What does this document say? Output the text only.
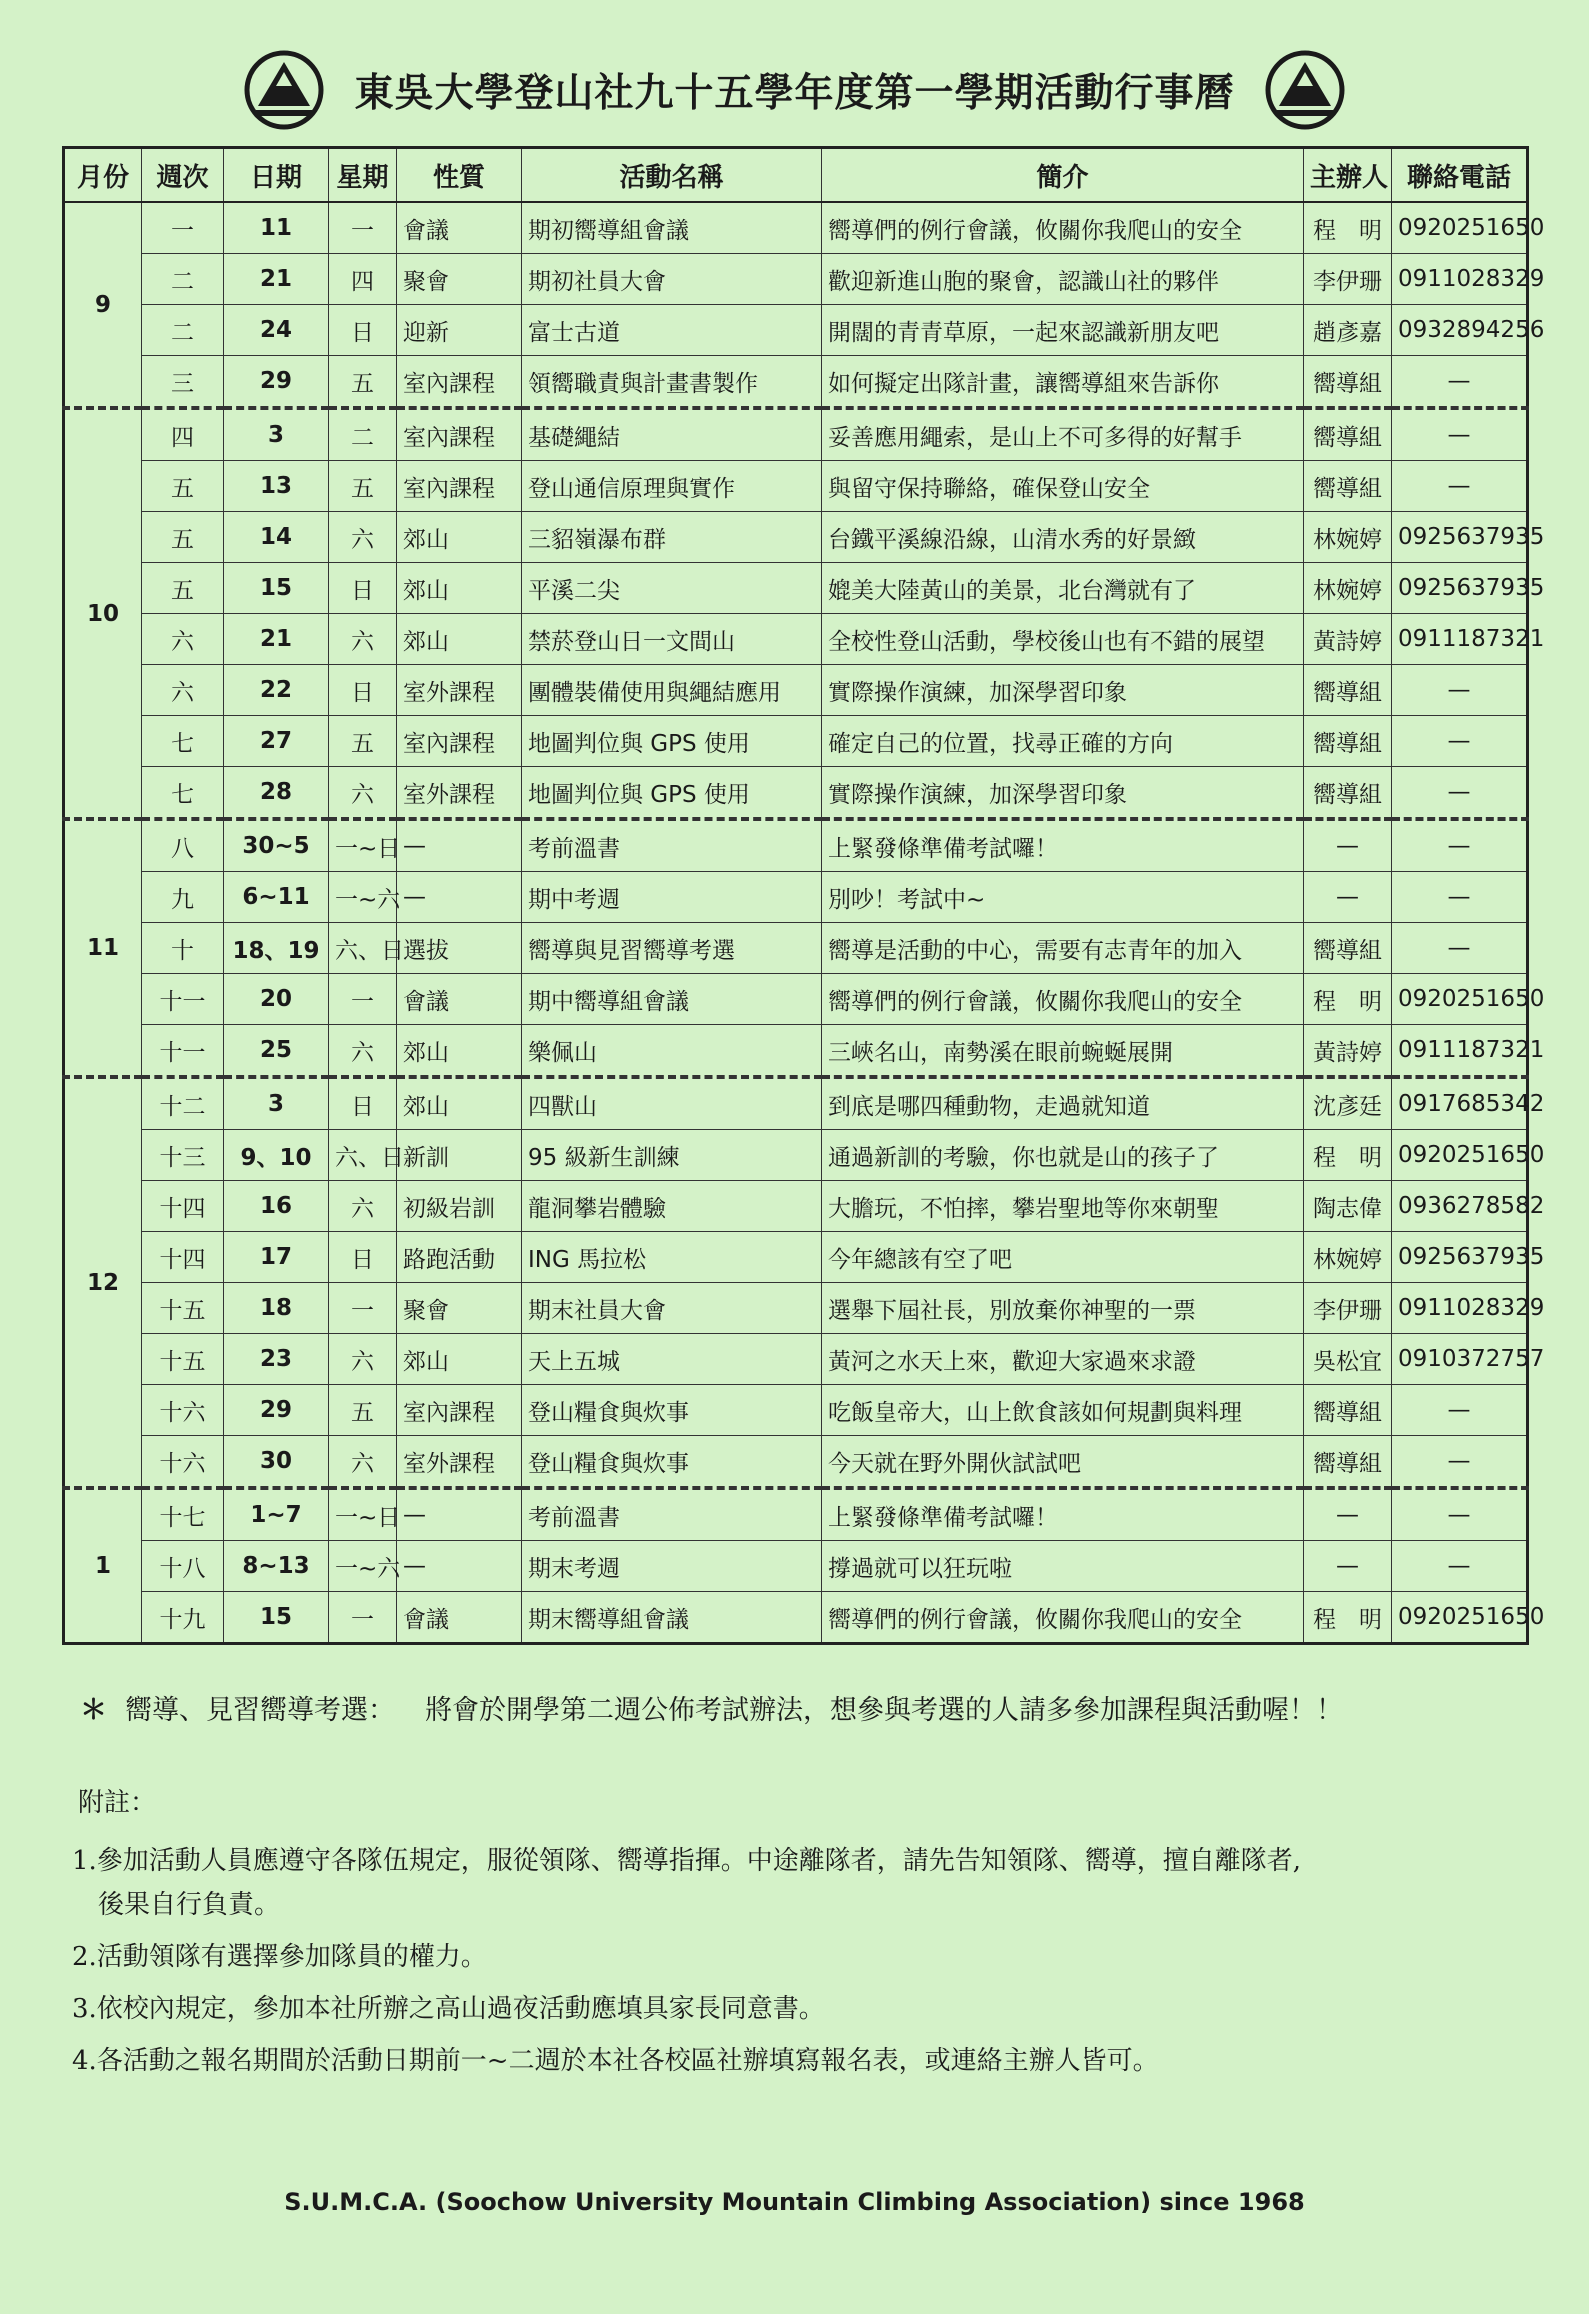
東吳大學登山社九十五學年度第一學期活動行事曆
月份	週次	日期	星期	性質	活動名稱	簡介	主辦人	聯絡電話
9	一	11	一	會議	期初嚮導組會議	嚮導們的例行會議，攸關你我爬山的安全	程　明	0920251650
	二	21	四	聚會	期初社員大會	歡迎新進山胞的聚會，認識山社的夥伴	李伊珊	0911028329
	二	24	日	迎新	富士古道	開闊的青青草原，一起來認識新朋友吧	趙彥嘉	0932894256
	三	29	五	室內課程	領嚮職責與計畫書製作	如何擬定出隊計畫，讓嚮導組來告訴你	嚮導組	—
10	四	3	二	室內課程	基礎繩結	妥善應用繩索，是山上不可多得的好幫手	嚮導組	—
	五	13	五	室內課程	登山通信原理與實作	與留守保持聯絡，確保登山安全	嚮導組	—
	五	14	六	郊山	三貂嶺瀑布群	台鐵平溪線沿線，山清水秀的好景緻	林婉婷	0925637935
	五	15	日	郊山	平溪二尖	媲美大陸黃山的美景，北台灣就有了	林婉婷	0925637935
	六	21	六	郊山	禁菸登山日一文間山	全校性登山活動，學校後山也有不錯的展望	黃詩婷	0911187321
	六	22	日	室外課程	團體裝備使用與繩結應用	實際操作演練，加深學習印象	嚮導組	—
	七	27	五	室內課程	地圖判位與 GPS 使用	確定自己的位置，找尋正確的方向	嚮導組	—
	七	28	六	室外課程	地圖判位與 GPS 使用	實際操作演練，加深學習印象	嚮導組	—
11	八	30~5	一~日	—	考前溫書	上緊發條準備考試囉！	—	—
	九	6~11	一~六	—	期中考週	別吵！考試中~	—	—
	十	18、19	六、日	選拔	嚮導與見習嚮導考選	嚮導是活動的中心，需要有志青年的加入	嚮導組	—
	十一	20	一	會議	期中嚮導組會議	嚮導們的例行會議，攸關你我爬山的安全	程　明	0920251650
	十一	25	六	郊山	樂佩山	三峽名山，南勢溪在眼前蜿蜒展開	黃詩婷	0911187321
12	十二	3	日	郊山	四獸山	到底是哪四種動物，走過就知道	沈彥廷	0917685342
	十三	9、10	六、日	新訓	95 級新生訓練	通過新訓的考驗，你也就是山的孩子了	程　明	0920251650
	十四	16	六	初級岩訓	龍洞攀岩體驗	大膽玩，不怕摔，攀岩聖地等你來朝聖	陶志偉	0936278582
	十四	17	日	路跑活動	ING 馬拉松	今年總該有空了吧	林婉婷	0925637935
	十五	18	一	聚會	期末社員大會	選舉下屆社長，別放棄你神聖的一票	李伊珊	0911028329
	十五	23	六	郊山	天上五城	黃河之水天上來，歡迎大家過來求證	吳松宜	0910372757
	十六	29	五	室內課程	登山糧食與炊事	吃飯皇帝大，山上飲食該如何規劃與料理	嚮導組	—
	十六	30	六	室外課程	登山糧食與炊事	今天就在野外開伙試試吧	嚮導組	—
1	十七	1~7	一~日	—	考前溫書	上緊發條準備考試囉！	—	—
	十八	8~13	一~六	—	期末考週	撐過就可以狂玩啦	—	—
	十九	15	一	會議	期末嚮導組會議	嚮導們的例行會議，攸關你我爬山的安全	程　明	0920251650
＊ 嚮導、見習嚮導考選： 將會於開學第二週公佈考試辦法，想參與考選的人請多參加課程與活動喔！！
附註：
1.參加活動人員應遵守各隊伍規定，服從領隊、嚮導指揮。中途離隊者，請先告知領隊、嚮導，擅自離隊者,
　後果自行負責。
2.活動領隊有選擇參加隊員的權力。
3.依校內規定，參加本社所辦之高山過夜活動應填具家長同意書。
4.各活動之報名期間於活動日期前一~二週於本社各校區社辦填寫報名表，或連絡主辦人皆可。
S.U.M.C.A. (Soochow University Mountain Climbing Association) since 1968
